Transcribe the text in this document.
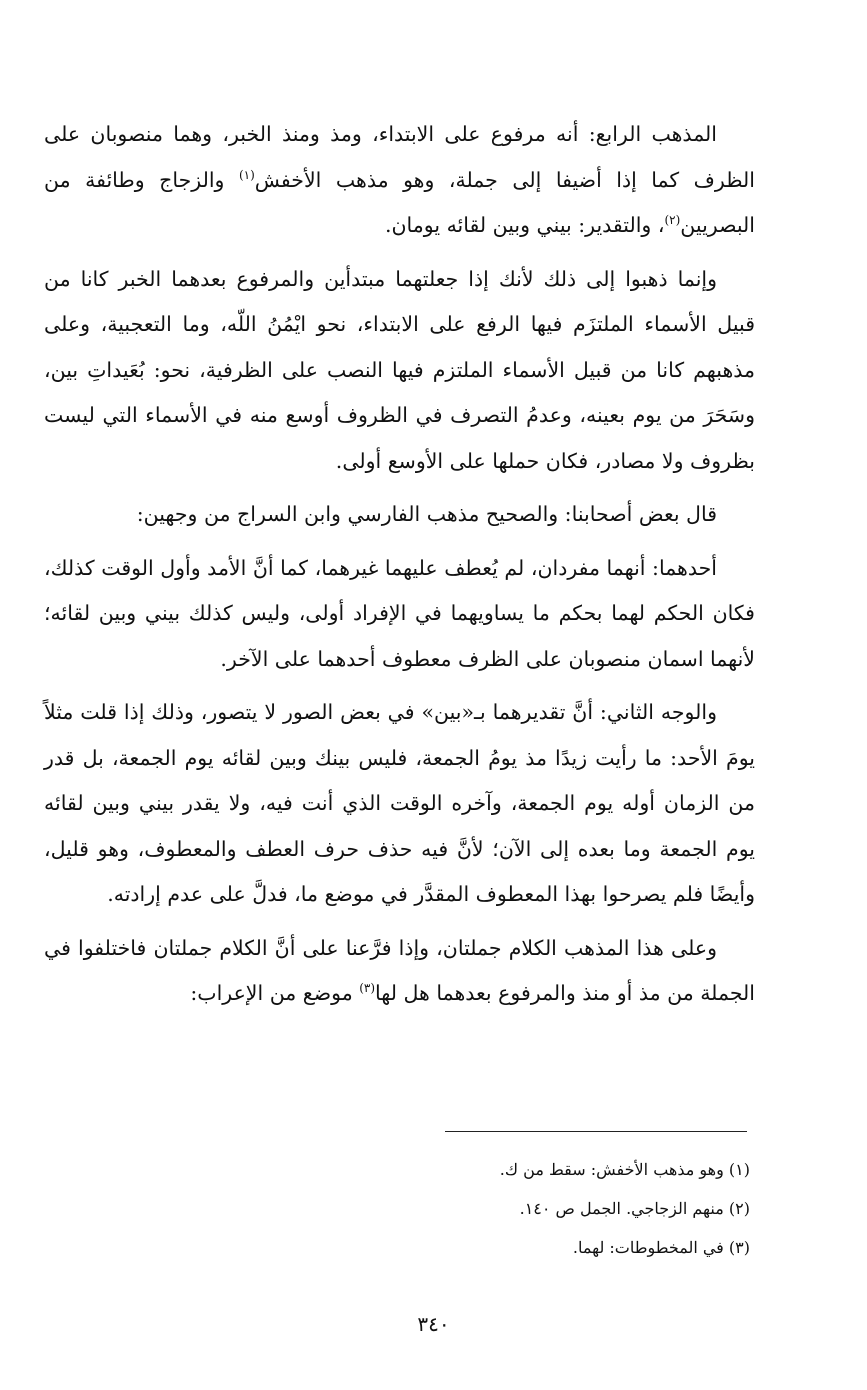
المذهب الرابع: أنه مرفوع على الابتداء، ومذ ومنذ الخبر، وهما منصوبان على الظرف كما إذا أضيفا إلى جملة، وهو مذهب الأخفش$^{(١)}$ والزجاج وطائفة من البصريين$^{(٢)}$، والتقدير: بيني وبين لقائه يومان.

وإنما ذهبوا إلى ذلك لأنك إذا جعلتهما مبتدأين والمرفوع بعدهما الخبر كانا من قبيل الأسماء الملتزَم فيها الرفع على الابتداء، نحو ايْمُنُ اللّه، وما التعجبية، وعلى مذهبهم كانا من قبيل الأسماء الملتزم فيها النصب على الظرفية، نحو: بُعَيداتِ بين، وسَحَرَ من يوم بعينه، وعدمُ التصرف في الظروف أوسع منه في الأسماء التي ليست بظروف ولا مصادر، فكان حملها على الأوسع أولى.

قال بعض أصحابنا: والصحيح مذهب الفارسي وابن السراج من وجهين:

أحدهما: أنهما مفردان، لم يُعطف عليهما غيرهما، كما أنَّ الأمد وأول الوقت كذلك، فكان الحكم لهما بحكم ما يساويهما في الإفراد أولى، وليس كذلك بيني وبين لقائه؛ لأنهما اسمان منصوبان على الظرف معطوف أحدهما على الآخر.

والوجه الثاني: أنَّ تقديرهما بـ«بين» في بعض الصور لا يتصور، وذلك إذا قلت مثلاً يومَ الأحد: ما رأيت زيدًا مذ يومُ الجمعة، فليس بينك وبين لقائه يوم الجمعة، بل قدر من الزمان أوله يوم الجمعة، وآخره الوقت الذي أنت فيه، ولا يقدر بيني وبين لقائه يوم الجمعة وما بعده إلى الآن؛ لأنَّ فيه حذف حرف العطف والمعطوف، وهو قليل، وأيضًا فلم يصرحوا بهذا المعطوف المقدَّر في موضع ما، فدلَّ على عدم إرادته.

وعلى هذا المذهب الكلام جملتان، وإذا فرَّعنا على أنَّ الكلام جملتان فاختلفوا في الجملة من مذ أو منذ والمرفوع بعدهما هل لها$^{(٣)}$ موضع من الإعراب:

(١) وهو مذهب الأخفش: سقط من ك.

(٢) منهم الزجاجي. الجمل ص ١٤٠.

(٣) في المخطوطات: لهما.

٣٤٠
